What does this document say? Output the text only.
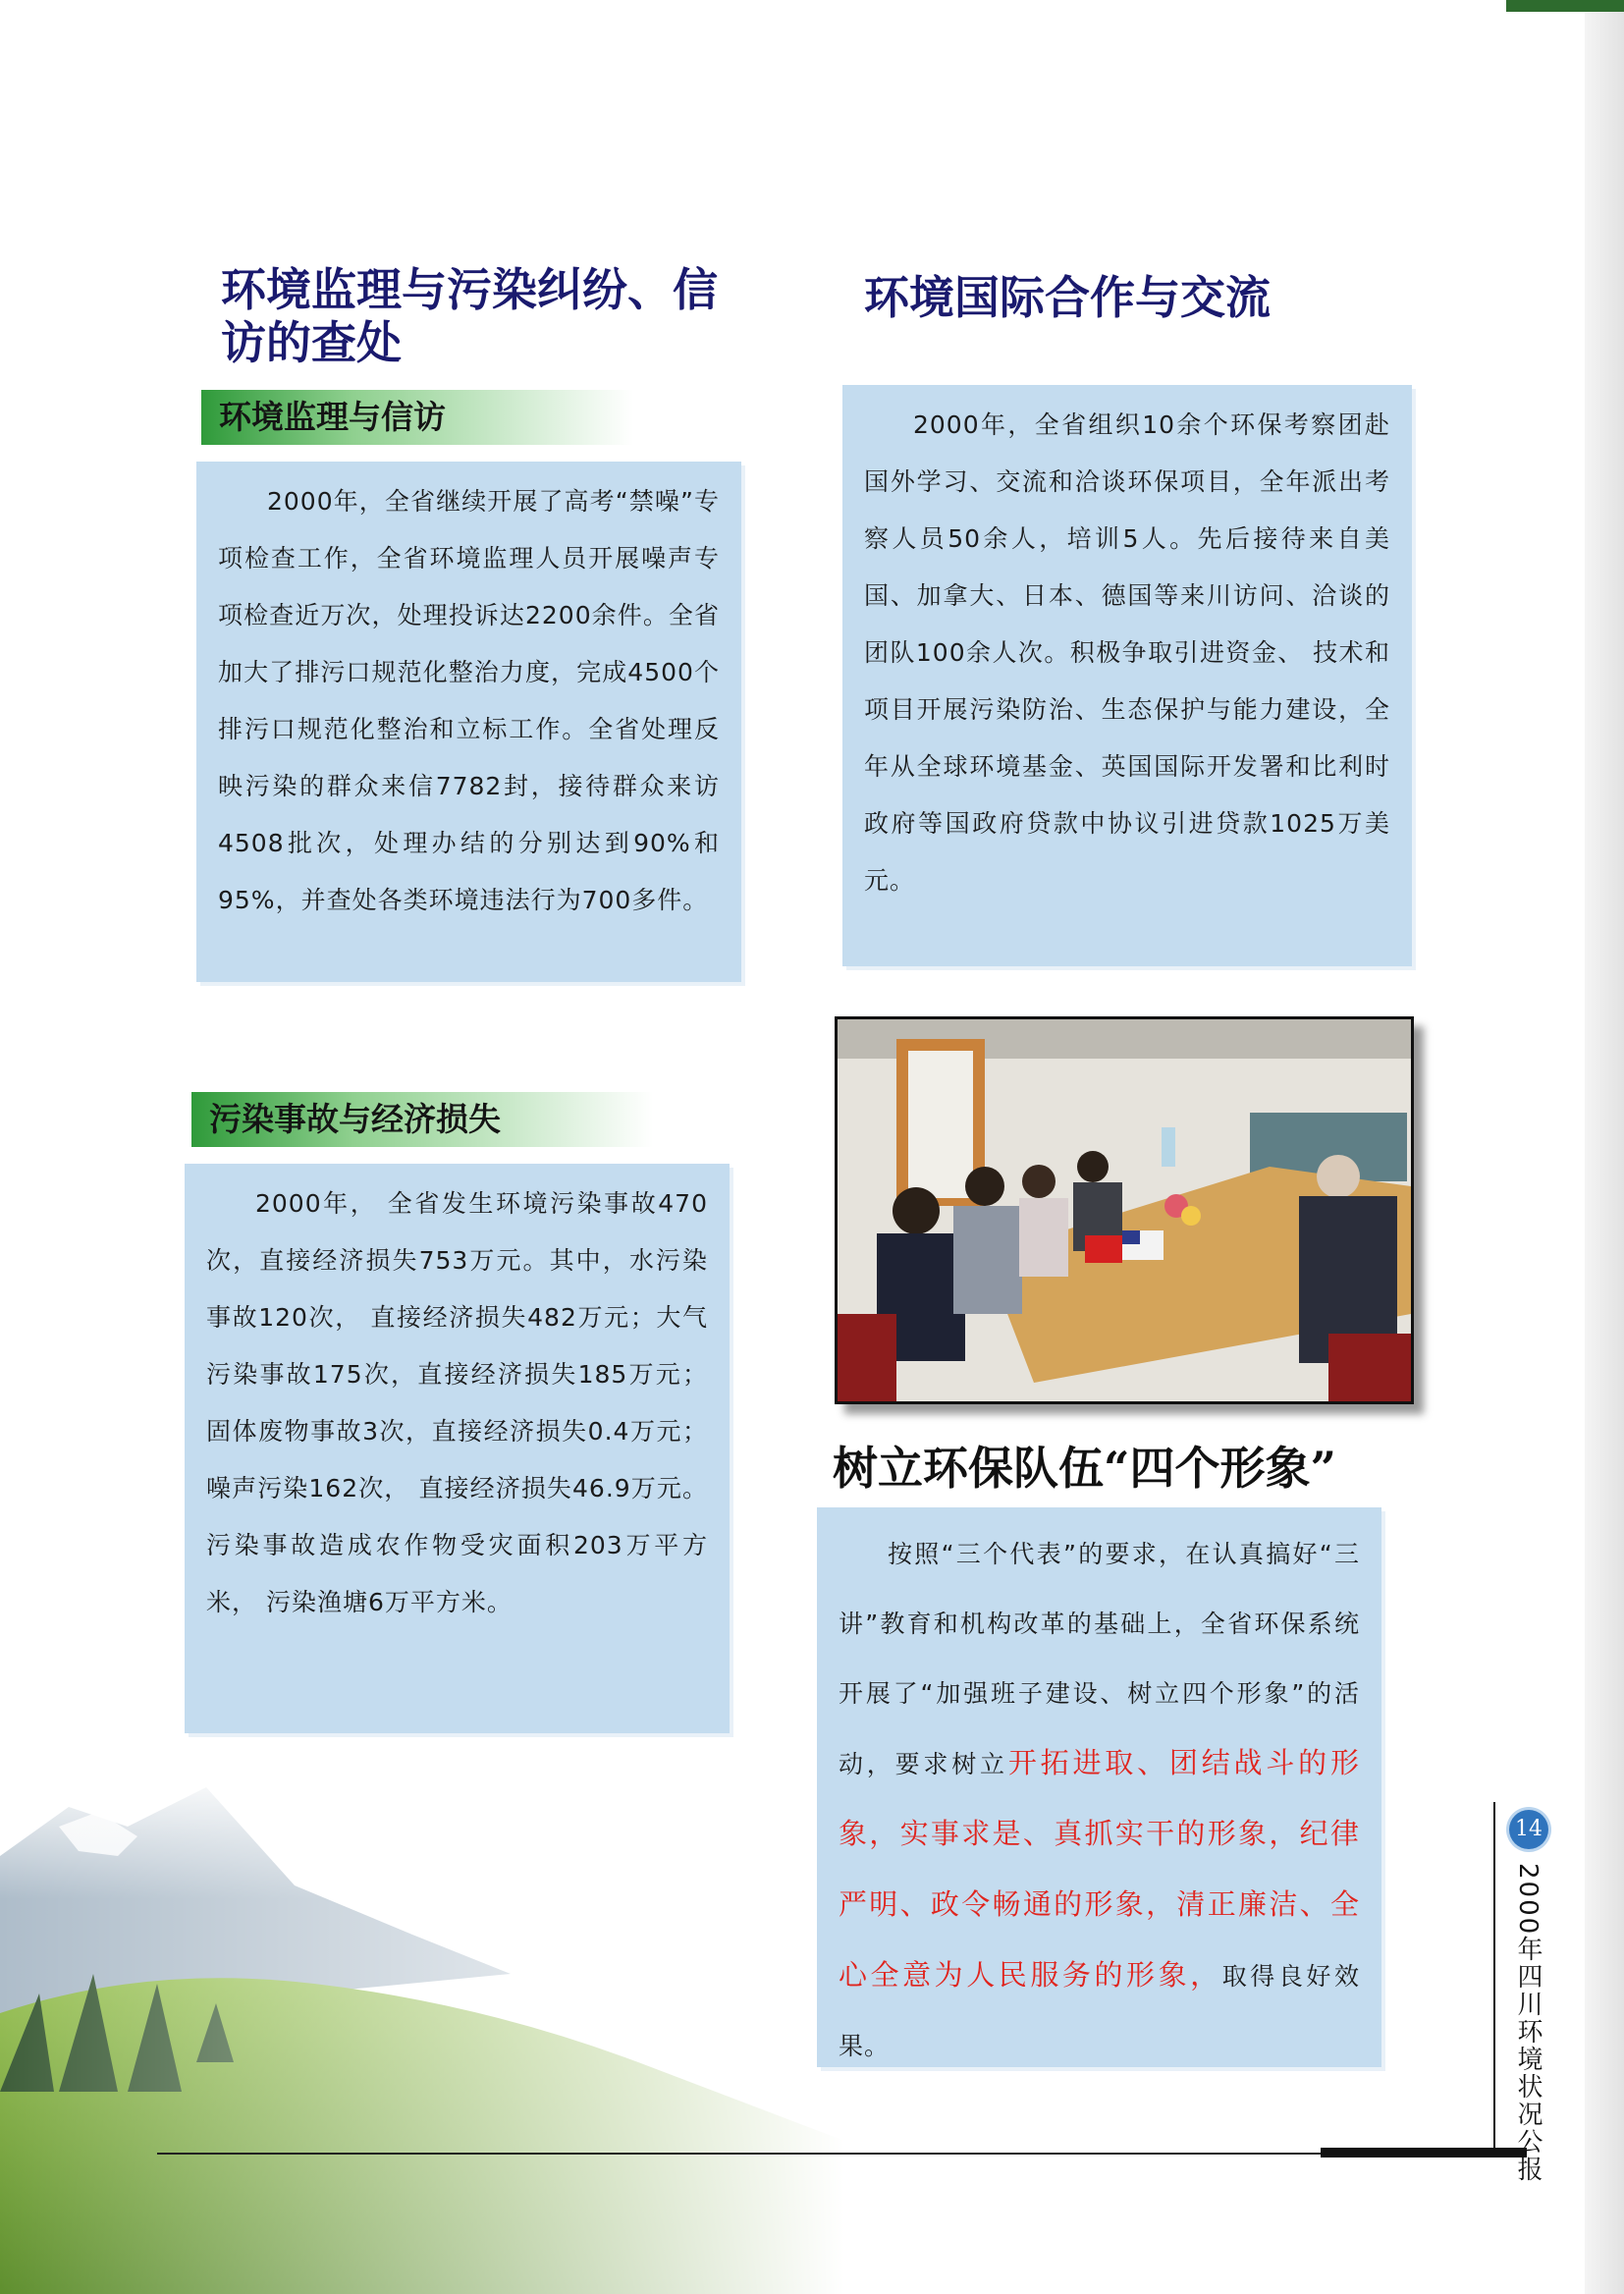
环境监理与污染纠纷、信
访的查处
环境监理与信访

2000年，全省继续开展了高考“禁噪”专项检查工作，全省环境监理人员开展噪声专项检查近万次，处理投诉达2200余件。全省加大了排污口规范化整治力度，完成4500个排污口规范化整治和立标工作。全省处理反映污染的群众来信7782封，接待群众来访4508批次，处理办结的分别达到90%和95%，并查处各类环境违法行为700多件。

污染事故与经济损失

2000年， 全省发生环境污染事故470次，直接经济损失753万元。其中，水污染事故120次， 直接经济损失482万元；大气污染事故175次，直接经济损失185万元； 固体废物事故3次，直接经济损失0.4万元；噪声污染162次， 直接经济损失46.9万元。污染事故造成农作物受灾面积203万平方米， 污染渔塘6万平方米。

环境国际合作与交流

2000年，全省组织10余个环保考察团赴国外学习、交流和洽谈环保项目，全年派出考察人员50余人，培训5人。先后接待来自美国、加拿大、日本、德国等来川访问、洽谈的团队100余人次。积极争取引进资金、 技术和项目开展污染防治、生态保护与能力建设，全年从全球环境基金、英国国际开发署和比利时政府等国政府贷款中协议引进贷款1025万美元。

树立环保队伍“四个形象”

按照“三个代表”的要求，在认真搞好“三讲”教育和机构改革的基础上，全省环保系统开展了“加强班子建设、树立四个形象”的活动，要求树立开拓进取、团结战斗的形象，实事求是、真抓实干的形象，纪律严明、政令畅通的形象，清正廉洁、全心全意为人民服务的形象，取得良好效果。

14
2000年四川环境状况公报
